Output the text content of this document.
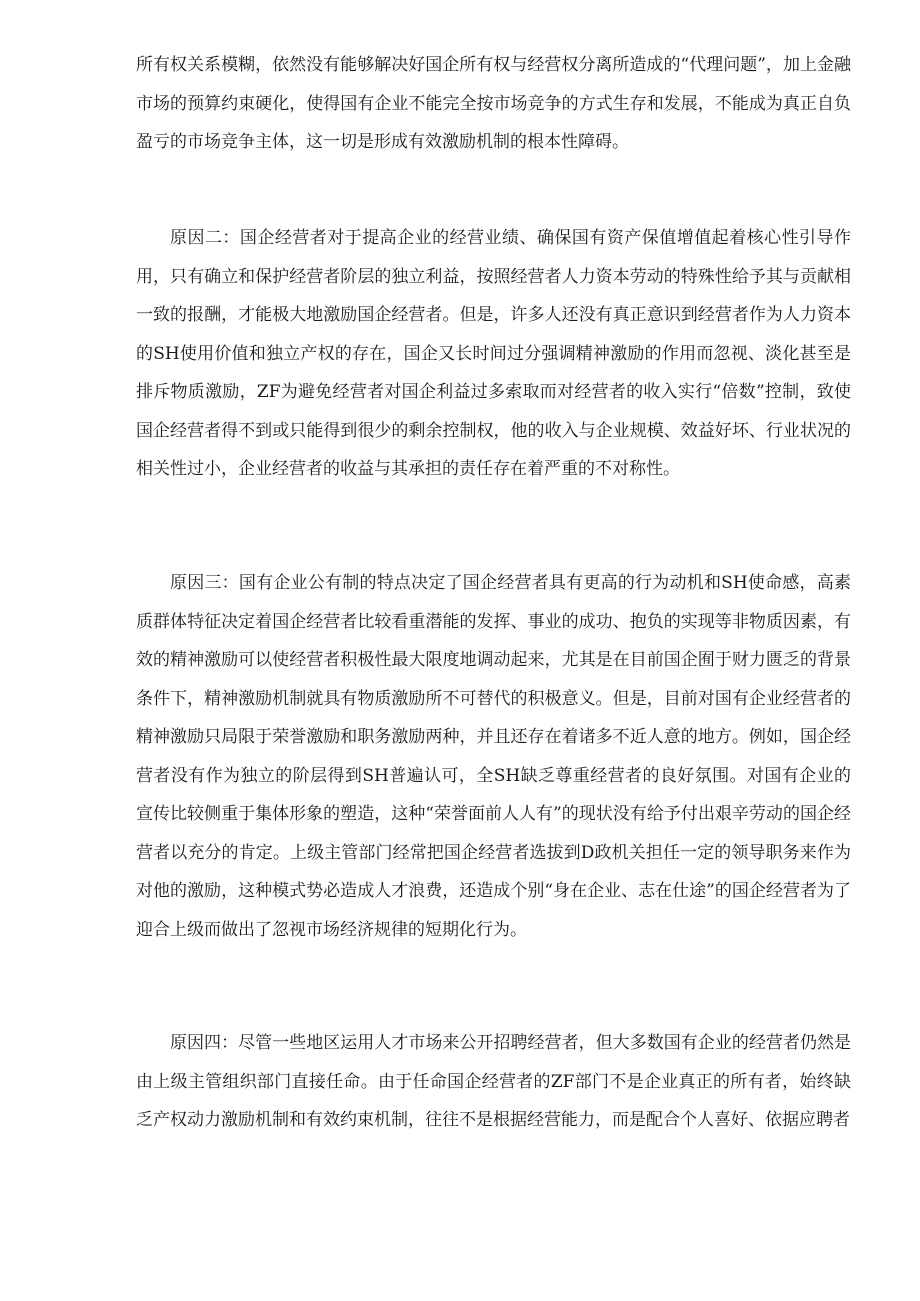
所有权关系模糊，依然没有能够解决好国企所有权与经营权分离所造成的“代理问题”，加上金融市场的预算约束硬化，使得国有企业不能完全按市场竞争的方式生存和发展，不能成为真正自负盈亏的市场竞争主体，这一切是形成有效激励机制的根本性障碍。

原因二：国企经营者对于提高企业的经营业绩、确保国有资产保值增值起着核心性引导作用，只有确立和保护经营者阶层的独立利益，按照经营者人力资本劳动的特殊性给予其与贡献相一致的报酬，才能极大地激励国企经营者。但是，许多人还没有真正意识到经营者作为人力资本的SH使用价值和独立产权的存在，国企又长时间过分强调精神激励的作用而忽视、淡化甚至是排斥物质激励，ZF为避免经营者对国企利益过多索取而对经营者的收入实行“倍数”控制，致使国企经营者得不到或只能得到很少的剩余控制权，他的收入与企业规模、效益好坏、行业状况的相关性过小，企业经营者的收益与其承担的责任存在着严重的不对称性。

原因三：国有企业公有制的特点决定了国企经营者具有更高的行为动机和SH使命感，高素质群体特征决定着国企经营者比较看重潜能的发挥、事业的成功、抱负的实现等非物质因素，有效的精神激励可以使经营者积极性最大限度地调动起来，尤其是在目前国企囿于财力匮乏的背景条件下，精神激励机制就具有物质激励所不可替代的积极意义。但是，目前对国有企业经营者的精神激励只局限于荣誉激励和职务激励两种，并且还存在着诸多不近人意的地方。例如，国企经营者没有作为独立的阶层得到SH普遍认可，全SH缺乏尊重经营者的良好氛围。对国有企业的宣传比较侧重于集体形象的塑造，这种“荣誉面前人人有”的现状没有给予付出艰辛劳动的国企经营者以充分的肯定。上级主管部门经常把国企经营者选拔到D政机关担任一定的领导职务来作为对他的激励，这种模式势必造成人才浪费，还造成个别“身在企业、志在仕途”的国企经营者为了迎合上级而做出了忽视市场经济规律的短期化行为。

原因四：尽管一些地区运用人才市场来公开招聘经营者，但大多数国有企业的经营者仍然是由上级主管组织部门直接任命。由于任命国企经营者的ZF部门不是企业真正的所有者，始终缺乏产权动力激励机制和有效约束机制，往往不是根据经营能力，而是配合个人喜好、依据应聘者
